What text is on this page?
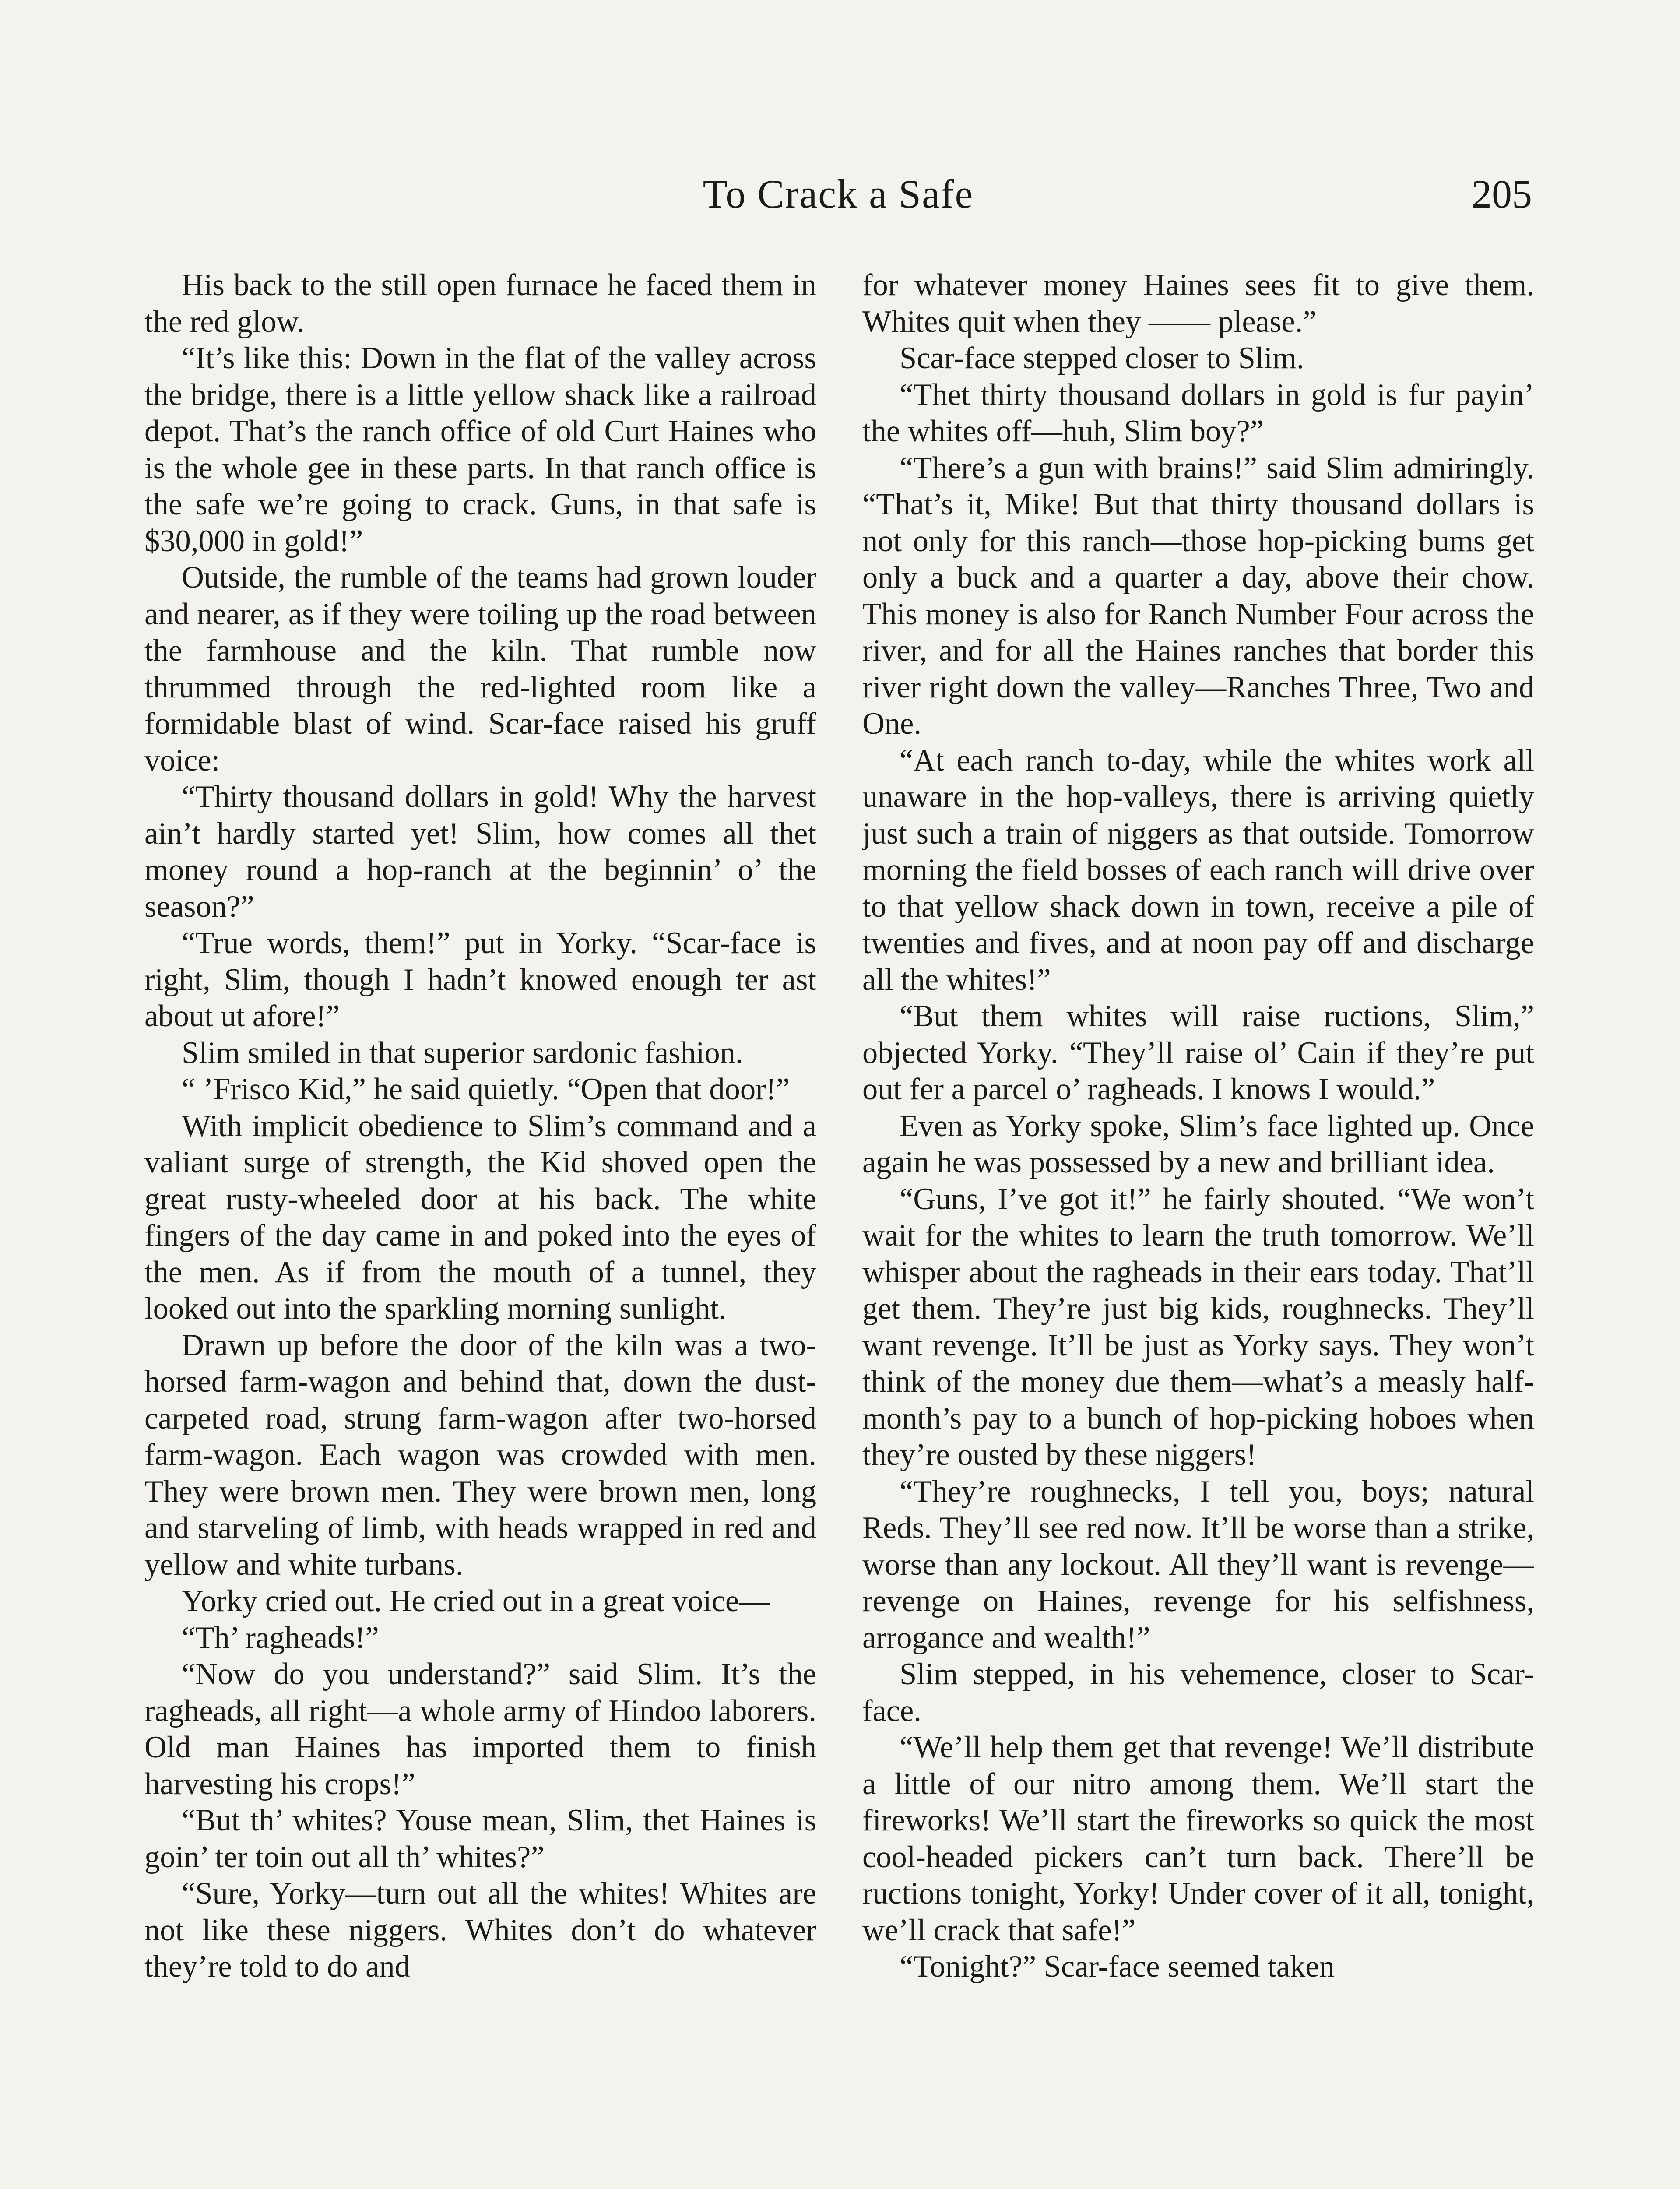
To Crack a Safe	205

His back to the still open furnace he faced them in the red glow.

“It’s like this: Down in the flat of the valley across the bridge, there is a little yellow shack like a railroad depot. That’s the ranch office of old Curt Haines who is the whole gee in these parts. In that ranch office is the safe we’re going to crack. Guns, in that safe is $30,000 in gold!”

Outside, the rumble of the teams had grown louder and nearer, as if they were toiling up the road between the farmhouse and the kiln. That rumble now thrummed through the red-lighted room like a formidable blast of wind. Scar-face raised his gruff voice:

“Thirty thousand dollars in gold! Why the harvest ain’t hardly started yet! Slim, how comes all thet money round a hop-ranch at the beginnin’ o’ the season?”

“True words, them!” put in Yorky. “Scar-face is right, Slim, though I hadn’t knowed enough ter ast about ut afore!”

Slim smiled in that superior sardonic fashion.

“ ’Frisco Kid,” he said quietly. “Open that door!”

With implicit obedience to Slim’s command and a valiant surge of strength, the Kid shoved open the great rusty-wheeled door at his back. The white fingers of the day came in and poked into the eyes of the men. As if from the mouth of a tunnel, they looked out into the sparkling morning sunlight.

Drawn up before the door of the kiln was a two-horsed farm-wagon and behind that, down the dust-carpeted road, strung farm-wagon after two-horsed farm-wagon. Each wagon was crowded with men. They were brown men. They were brown men, long and starveling of limb, with heads wrapped in red and yellow and white turbans.

Yorky cried out. He cried out in a great voice—

“Th’ ragheads!”

“Now do you understand?” said Slim. It’s the ragheads, all right—a whole army of Hindoo laborers. Old man Haines has imported them to finish harvesting his crops!”

“But th’ whites? Youse mean, Slim, thet Haines is goin’ ter toin out all th’ whites?”

“Sure, Yorky—turn out all the whites! Whites are not like these niggers. Whites don’t do whatever they’re told to do and

for whatever money Haines sees fit to give them. Whites quit when they —— please.”

Scar-face stepped closer to Slim.

“Thet thirty thousand dollars in gold is fur payin’ the whites off—huh, Slim boy?”

“There’s a gun with brains!” said Slim admiringly. “That’s it, Mike! But that thirty thousand dollars is not only for this ranch—those hop-picking bums get only a buck and a quarter a day, above their chow. This money is also for Ranch Number Four across the river, and for all the Haines ranches that border this river right down the valley—Ranches Three, Two and One.

“At each ranch to-day, while the whites work all unaware in the hop-valleys, there is arriving quietly just such a train of niggers as that outside. Tomorrow morning the field bosses of each ranch will drive over to that yellow shack down in town, receive a pile of twenties and fives, and at noon pay off and discharge all the whites!”

“But them whites will raise ructions, Slim,” objected Yorky. “They’ll raise ol’ Cain if they’re put out fer a parcel o’ ragheads. I knows I would.”

Even as Yorky spoke, Slim’s face lighted up. Once again he was possessed by a new and brilliant idea.

“Guns, I’ve got it!” he fairly shouted. “We won’t wait for the whites to learn the truth tomorrow. We’ll whisper about the ragheads in their ears today. That’ll get them. They’re just big kids, roughnecks. They’ll want revenge. It’ll be just as Yorky says. They won’t think of the money due them—what’s a measly half-month’s pay to a bunch of hop-picking hoboes when they’re ousted by these niggers!

“They’re roughnecks, I tell you, boys; natural Reds. They’ll see red now. It’ll be worse than a strike, worse than any lockout. All they’ll want is revenge—revenge on Haines, revenge for his selfishness, arrogance and wealth!”

Slim stepped, in his vehemence, closer to Scar-face.

“We’ll help them get that revenge! We’ll distribute a little of our nitro among them. We’ll start the fireworks! We’ll start the fireworks so quick the most cool-headed pickers can’t turn back. There’ll be ructions tonight, Yorky! Under cover of it all, tonight, we’ll crack that safe!”

“Tonight?” Scar-face seemed taken
